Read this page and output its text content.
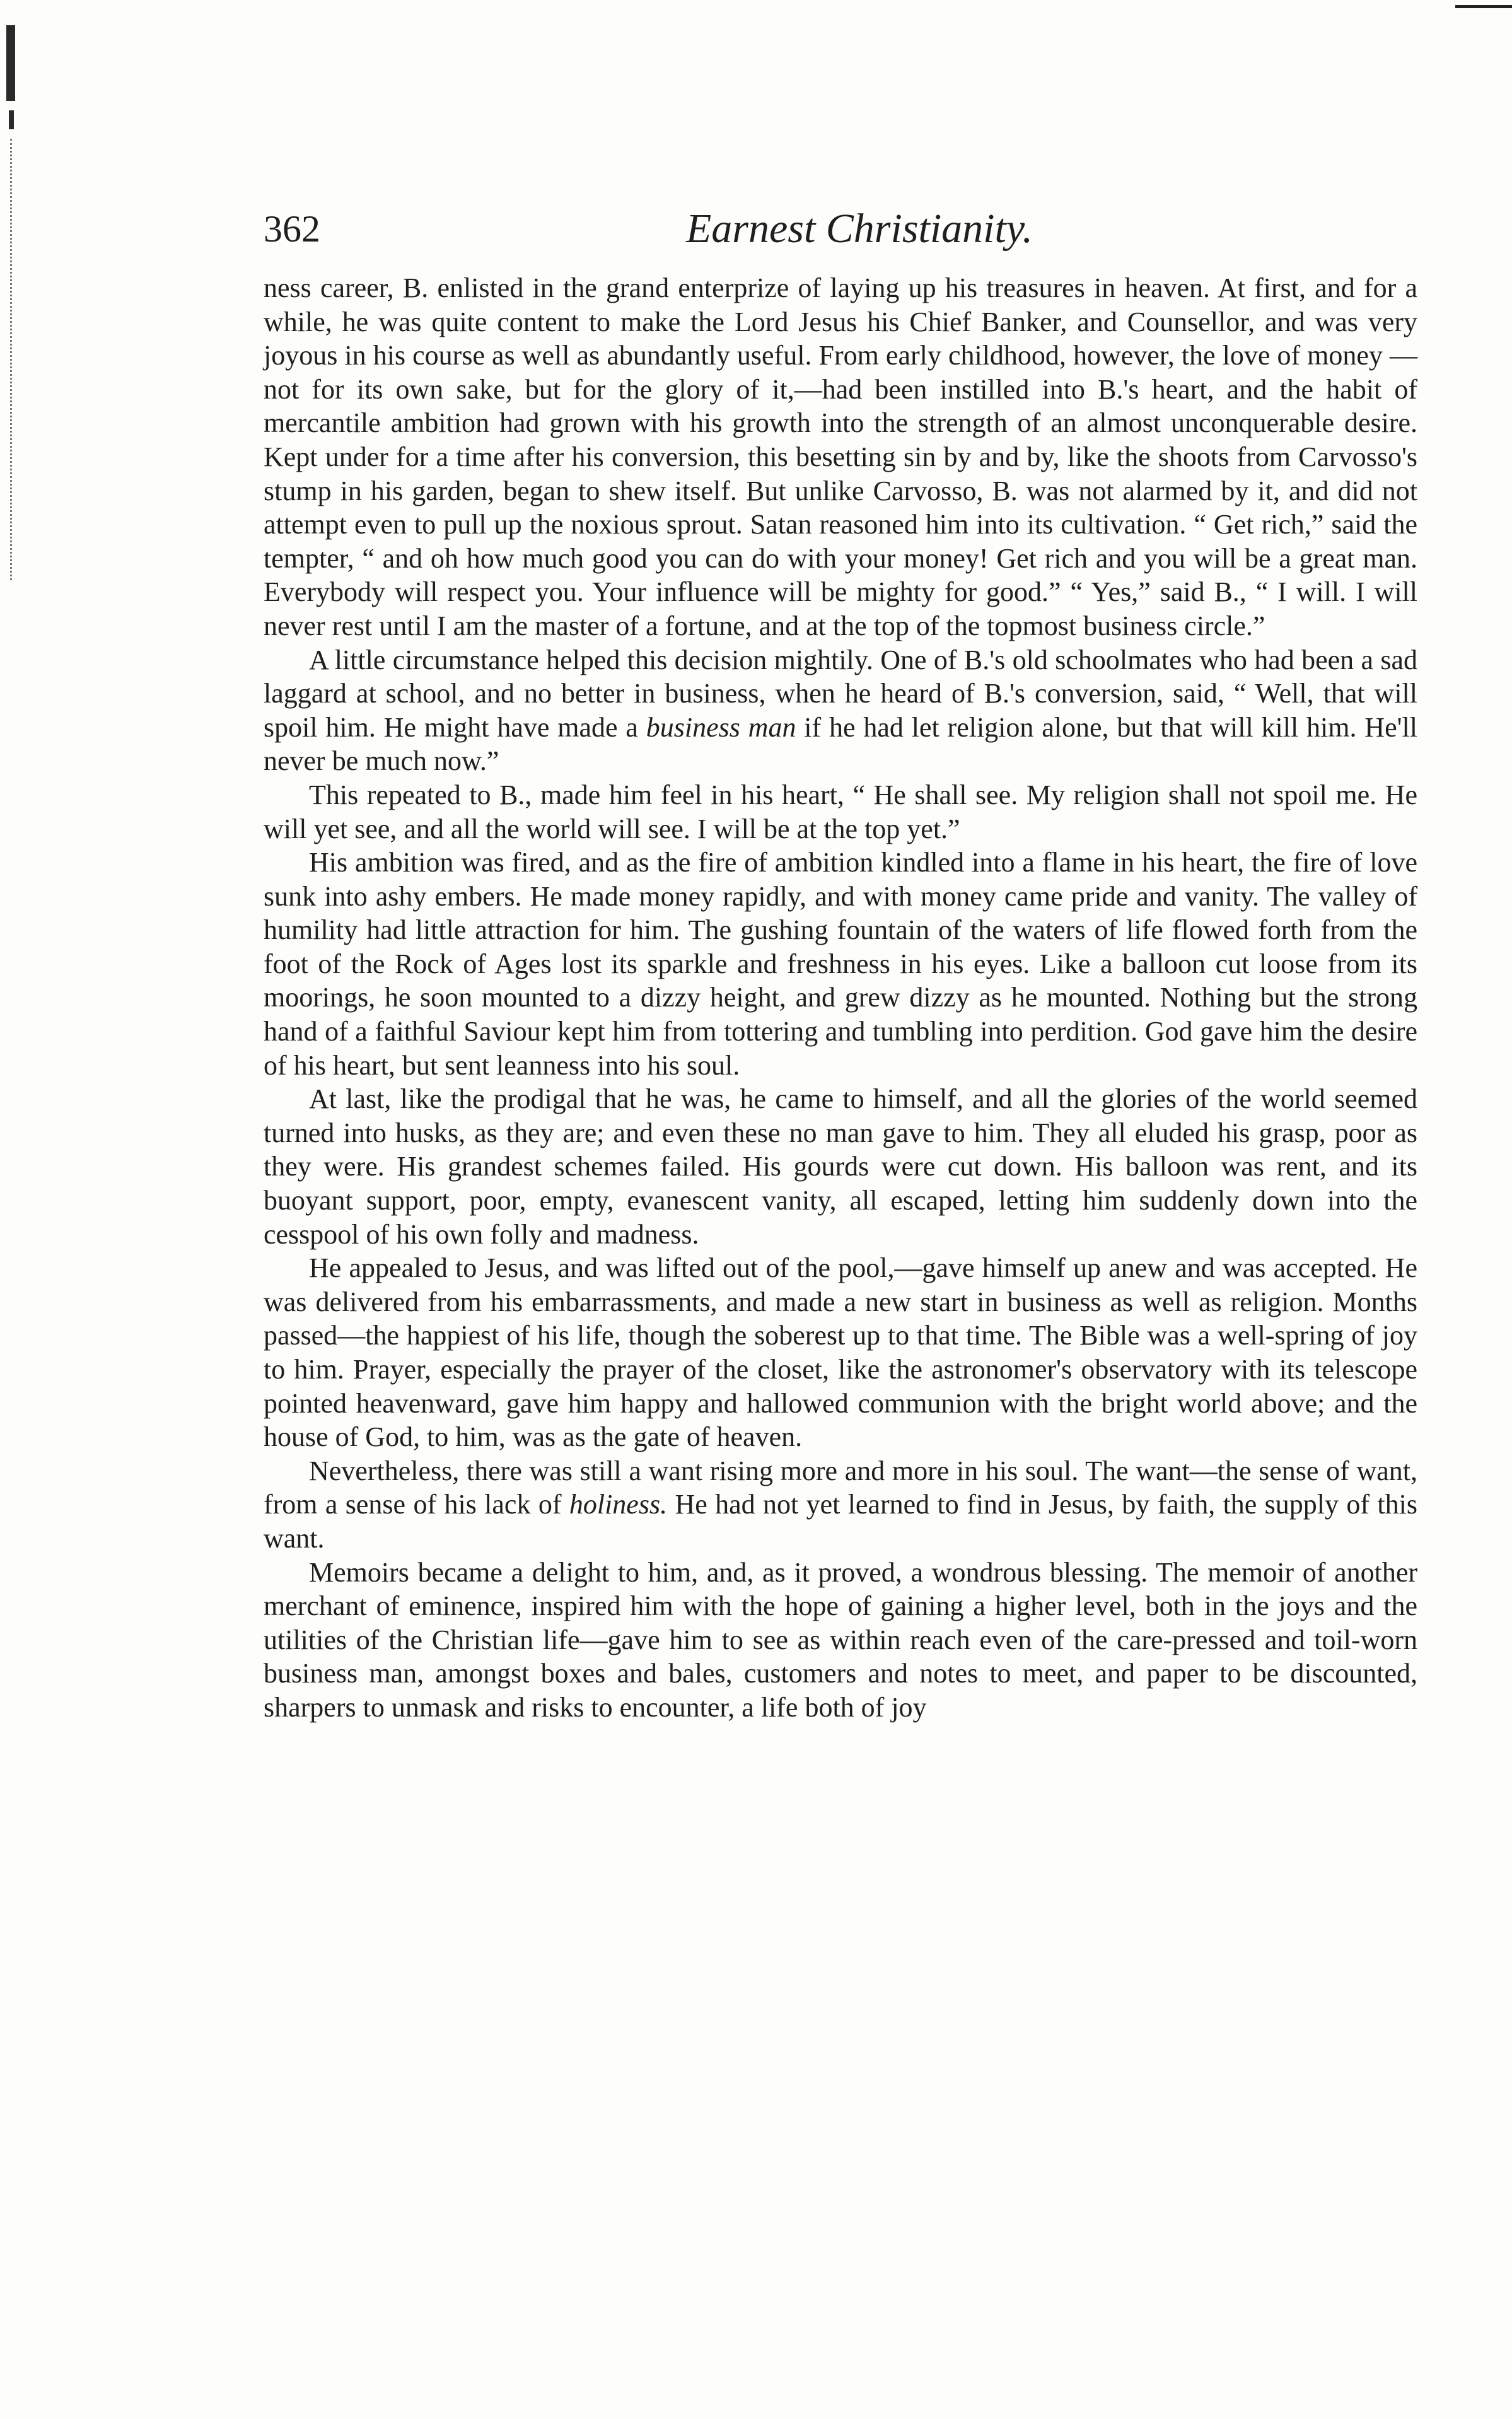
362	Earnest Christianity.

ness career, B. enlisted in the grand enterprize of laying up his treasures in heaven. At first, and for a while, he was quite content to make the Lord Jesus his Chief Banker, and Counsellor, and was very joyous in his course as well as abundantly useful. From early childhood, however, the love of money —not for its own sake, but for the glory of it,—had been instilled into B.'s heart, and the habit of mercantile ambition had grown with his growth into the strength of an almost unconquerable desire. Kept under for a time after his conversion, this besetting sin by and by, like the shoots from Carvosso's stump in his garden, began to shew itself. But unlike Carvosso, B. was not alarmed by it, and did not attempt even to pull up the noxious sprout. Satan reasoned him into its cultivation. “ Get rich,” said the tempter, “ and oh how much good you can do with your money! Get rich and you will be a great man. Everybody will respect you. Your influence will be mighty for good.” “ Yes,” said B., “ I will. I will never rest until I am the master of a fortune, and at the top of the topmost business circle.”

A little circumstance helped this decision mightily. One of B.'s old schoolmates who had been a sad laggard at school, and no better in business, when he heard of B.'s conversion, said, “ Well, that will spoil him. He might have made a business man if he had let religion alone, but that will kill him. He'll never be much now.”

This repeated to B., made him feel in his heart, “ He shall see. My religion shall not spoil me. He will yet see, and all the world will see. I will be at the top yet.”

His ambition was fired, and as the fire of ambition kindled into a flame in his heart, the fire of love sunk into ashy embers. He made money rapidly, and with money came pride and vanity. The valley of humility had little attraction for him. The gushing fountain of the waters of life flowed forth from the foot of the Rock of Ages lost its sparkle and freshness in his eyes. Like a balloon cut loose from its moorings, he soon mounted to a dizzy height, and grew dizzy as he mounted. Nothing but the strong hand of a faithful Saviour kept him from tottering and tumbling into perdition. God gave him the desire of his heart, but sent leanness into his soul.

At last, like the prodigal that he was, he came to himself, and all the glories of the world seemed turned into husks, as they are; and even these no man gave to him. They all eluded his grasp, poor as they were. His grandest schemes failed. His gourds were cut down. His balloon was rent, and its buoyant support, poor, empty, evanescent vanity, all escaped, letting him suddenly down into the cesspool of his own folly and madness.

He appealed to Jesus, and was lifted out of the pool,—gave himself up anew and was accepted. He was delivered from his embarrassments, and made a new start in business as well as religion. Months passed—the happiest of his life, though the soberest up to that time. The Bible was a well-spring of joy to him. Prayer, especially the prayer of the closet, like the astronomer's observatory with its telescope pointed heavenward, gave him happy and hallowed communion with the bright world above; and the house of God, to him, was as the gate of heaven.

Nevertheless, there was still a want rising more and more in his soul. The want—the sense of want, from a sense of his lack of holiness. He had not yet learned to find in Jesus, by faith, the supply of this want.

Memoirs became a delight to him, and, as it proved, a wondrous blessing. The memoir of another merchant of eminence, inspired him with the hope of gaining a higher level, both in the joys and the utilities of the Christian life—gave him to see as within reach even of the care-pressed and toil-worn business man, amongst boxes and bales, customers and notes to meet, and paper to be discounted, sharpers to unmask and risks to encounter, a life both of joy
